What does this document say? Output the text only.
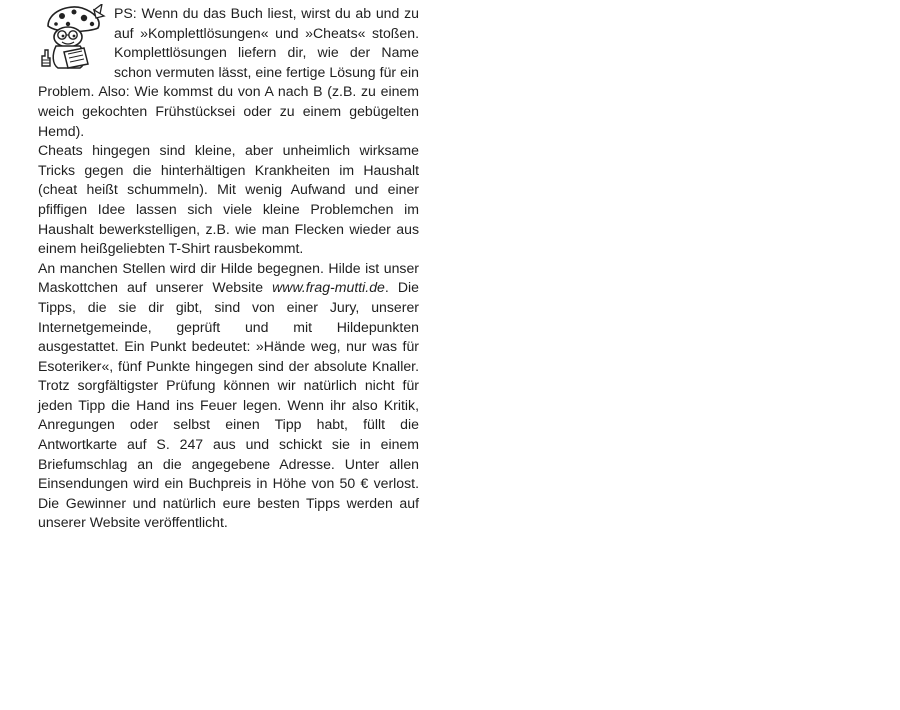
PS: Wenn du das Buch liest, wirst du ab und zu auf »Komplettlösungen« und »Cheats« stoßen. Komplettlösungen liefern dir, wie der Name schon vermuten lässt, eine fertige Lösung für ein Problem. Also: Wie kommst du von A nach B (z.B. zu einem weich gekochten Frühstücksei oder zu einem gebügelten Hemd).

Cheats hingegen sind kleine, aber unheimlich wirksame Tricks gegen die hinterhältigen Krankheiten im Haushalt (cheat heißt schummeln). Mit wenig Aufwand und einer pfiffigen Idee lassen sich viele kleine Problemchen im Haushalt bewerkstelligen, z.B. wie man Flecken wieder aus einem heißgeliebten T-Shirt rausbekommt.

An manchen Stellen wird dir Hilde begegnen. Hilde ist unser Maskottchen auf unserer Website www.frag-mutti.de. Die Tipps, die sie dir gibt, sind von einer Jury, unserer Internetgemeinde, geprüft und mit Hildepunkten ausgestattet. Ein Punkt bedeutet: »Hände weg, nur was für Esoteriker«, fünf Punkte hingegen sind der absolute Knaller. Trotz sorgfältigster Prüfung können wir natürlich nicht für jeden Tipp die Hand ins Feuer legen. Wenn ihr also Kritik, Anregungen oder selbst einen Tipp habt, füllt die Antwortkarte auf S. 247 aus und schickt sie in einem Briefumschlag an die angegebene Adresse. Unter allen Einsendungen wird ein Buchpreis in Höhe von 50 € verlost. Die Gewinner und natürlich eure besten Tipps werden auf unserer Website veröffentlicht.
